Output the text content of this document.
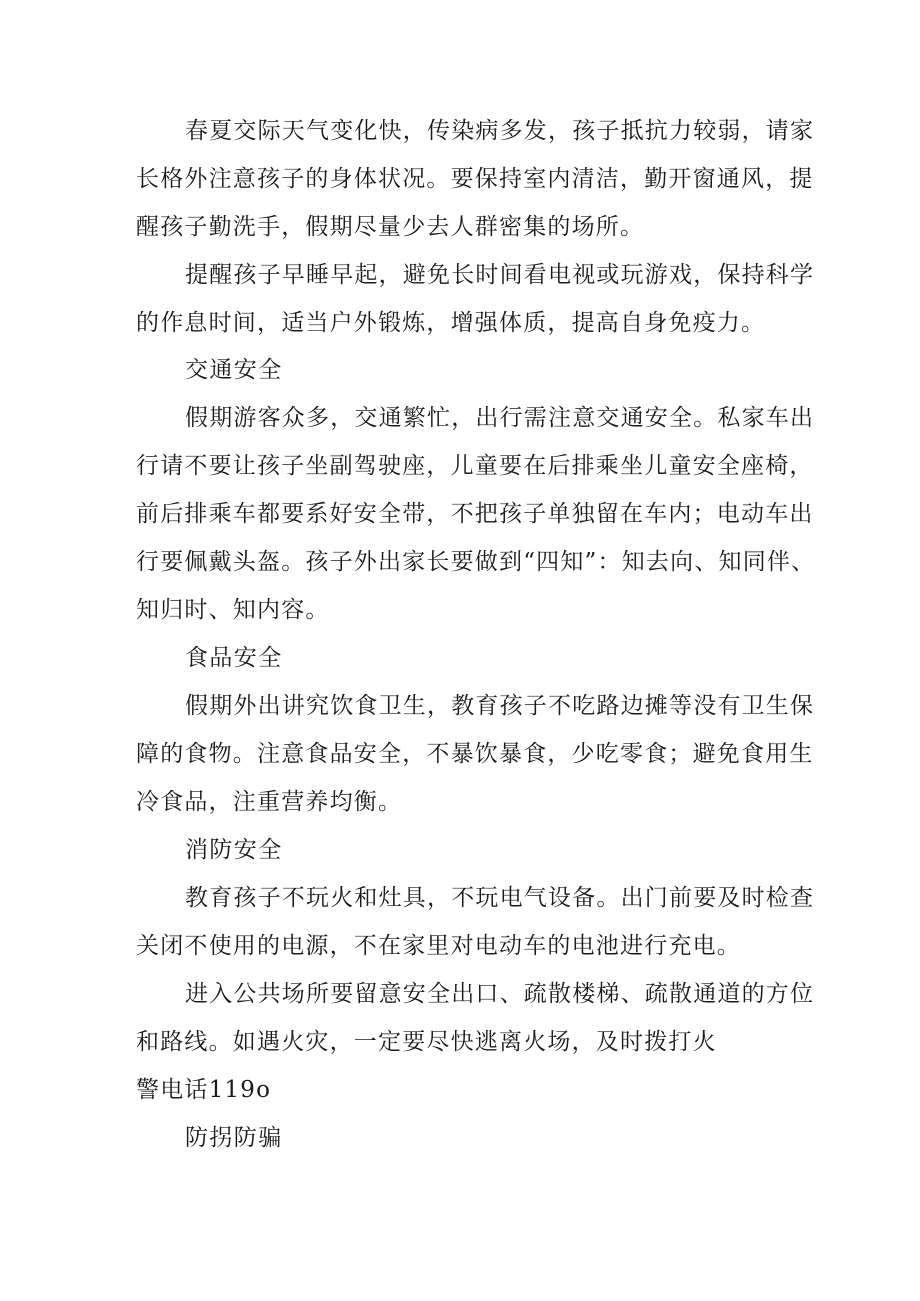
春夏交际天气变化快，传染病多发，孩子抵抗力较弱，请家
长格外注意孩子的身体状况。要保持室内清洁，勤开窗通风，提
醒孩子勤洗手，假期尽量少去人群密集的场所。
提醒孩子早睡早起，避免长时间看电视或玩游戏，保持科学
的作息时间，适当户外锻炼，增强体质，提高自身免疫力。
交通安全
假期游客众多，交通繁忙，出行需注意交通安全。私家车出
行请不要让孩子坐副驾驶座，儿童要在后排乘坐儿童安全座椅，
前后排乘车都要系好安全带，不把孩子单独留在车内；电动车出
行要佩戴头盔。孩子外出家长要做到“四知”：知去向、知同伴、
知归时、知内容。
食品安全
假期外出讲究饮食卫生，教育孩子不吃路边摊等没有卫生保
障的食物。注意食品安全，不暴饮暴食，少吃零食；避免食用生
冷食品，注重营养均衡。
消防安全
教育孩子不玩火和灶具，不玩电气设备。出门前要及时检查
关闭不使用的电源，不在家里对电动车的电池进行充电。
进入公共场所要留意安全出口、疏散楼梯、疏散通道的方位
和路线。如遇火灾，一定要尽快逃离火场，及时拨打火
警电话119o
防拐防骗
